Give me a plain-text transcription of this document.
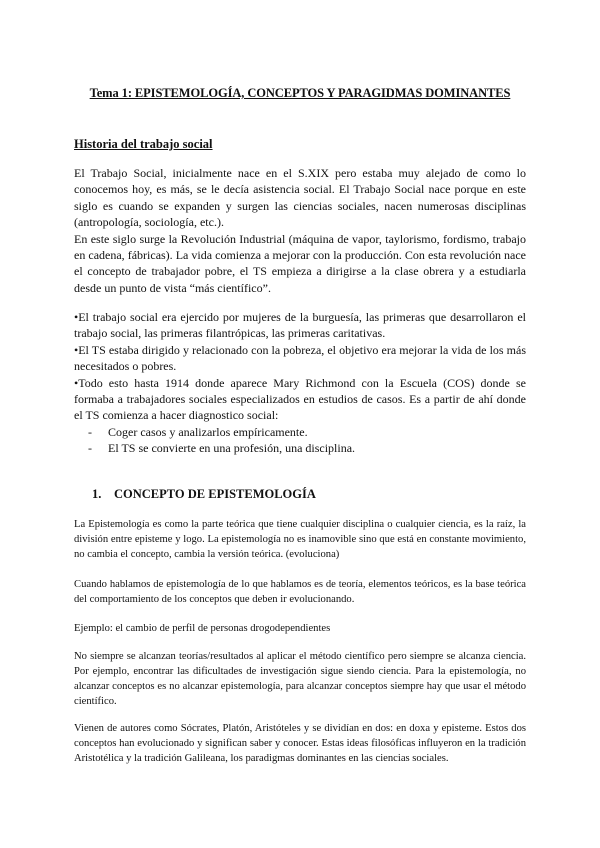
Tema 1: EPISTEMOLOGÍA, CONCEPTOS Y PARAGIDMAS DOMINANTES
Historia del trabajo social

El Trabajo Social, inicialmente nace en el S.XIX pero estaba muy alejado de como lo conocemos hoy, es más, se le decía asistencia social. El Trabajo Social nace porque en este siglo es cuando se expanden y surgen las ciencias sociales, nacen numerosas disciplinas (antropología, sociología, etc.).

En este siglo surge la Revolución Industrial (máquina de vapor, taylorismo, fordismo, trabajo en cadena, fábricas). La vida comienza a mejorar con la producción. Con esta revolución nace el concepto de trabajador pobre, el TS empieza a dirigirse a la clase obrera y a estudiarla desde un punto de vista “más científico”.

•El trabajo social era ejercido por mujeres de la burguesía, las primeras que desarrollaron el trabajo social, las primeras filantrópicas, las primeras caritativas.

•El TS estaba dirigido y relacionado con la pobreza, el objetivo era mejorar la vida de los más necesitados o pobres.

•Todo esto hasta 1914 donde aparece Mary Richmond con la Escuela (COS) donde se formaba a trabajadores sociales especializados en estudios de casos. Es a partir de ahí donde el TS comienza a hacer diagnostico social:

- Coger casos y analizarlos empíricamente.
- El TS se convierte en una profesión, una disciplina.
1. CONCEPTO DE EPISTEMOLOGÍA

La Epistemología es como la parte teórica que tiene cualquier disciplina o cualquier ciencia, es la raíz, la división entre episteme y logo. La epistemología no es inamovible sino que está en constante movimiento, no cambia el concepto, cambia la versión teórica. (evoluciona)

Cuando hablamos de epistemología de lo que hablamos es de teoría, elementos teóricos, es la base teórica del comportamiento de los conceptos que deben ir evolucionando.

Ejemplo: el cambio de perfil de personas drogodependientes

No siempre se alcanzan teorías/resultados al aplicar el método científico pero siempre se alcanza ciencia. Por ejemplo, encontrar las dificultades de investigación sigue siendo ciencia. Para la epistemología, no alcanzar conceptos es no alcanzar epistemología, para alcanzar conceptos siempre hay que usar el método científico.

Vienen de autores como Sócrates, Platón, Aristóteles y se dividían en dos: en doxa y episteme. Estos dos conceptos han evolucionado y significan saber y conocer. Estas ideas filosóficas influyeron en la tradición Aristotélica y la tradición Galileana, los paradigmas dominantes en las ciencias sociales.
